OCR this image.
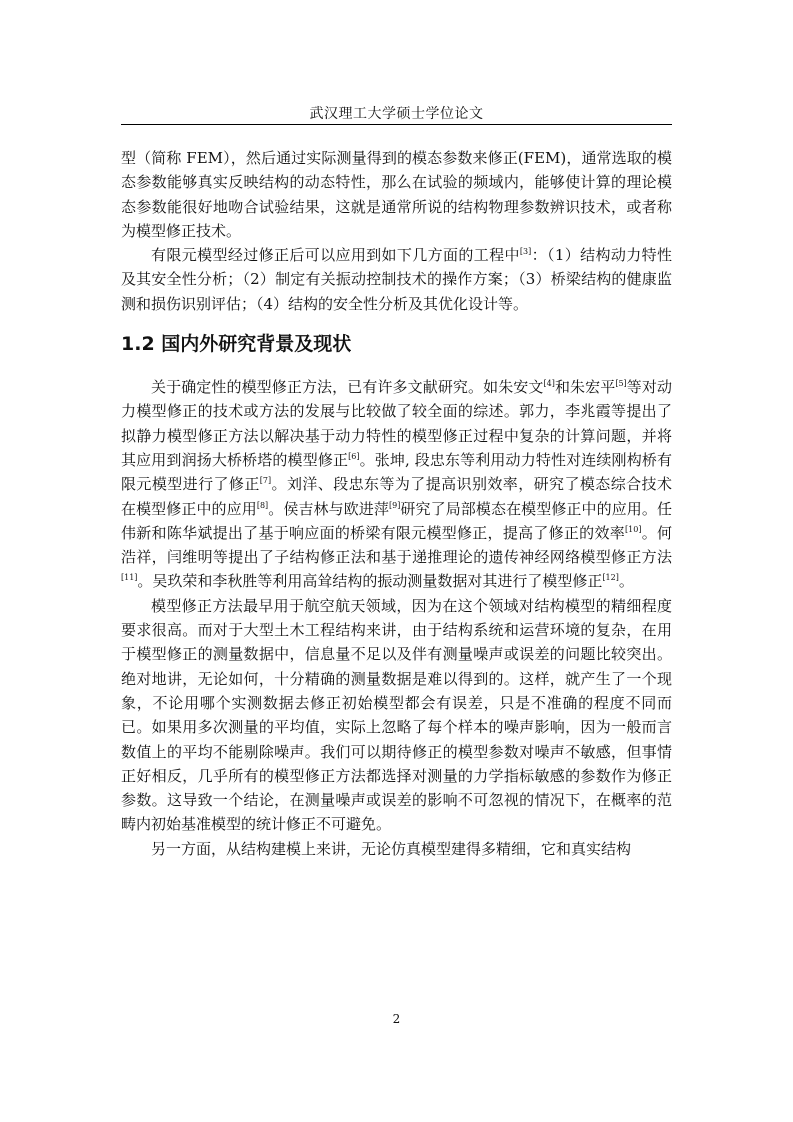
武汉理工大学硕士学位论文

型（简称 FEM），然后通过实际测量得到的模态参数来修正(FEM)，通常选取的模态参数能够真实反映结构的动态特性，那么在试验的频域内，能够使计算的理论模态参数能很好地吻合试验结果，这就是通常所说的结构物理参数辨识技术，或者称为模型修正技术。

有限元模型经过修正后可以应用到如下几方面的工程中[3]：（1）结构动力特性及其安全性分析；（2）制定有关振动控制技术的操作方案；（3）桥梁结构的健康监测和损伤识别评估；（4）结构的安全性分析及其优化设计等。

1.2 国内外研究背景及现状

关于确定性的模型修正方法，已有许多文献研究。如朱安文[4]和朱宏平[5]等对动力模型修正的技术或方法的发展与比较做了较全面的综述。郭力，李兆霞等提出了拟静力模型修正方法以解决基于动力特性的模型修正过程中复杂的计算问题，并将其应用到润扬大桥桥塔的模型修正[6]。张坤, 段忠东等利用动力特性对连续刚构桥有限元模型进行了修正[7]。刘洋、段忠东等为了提高识别效率，研究了模态综合技术在模型修正中的应用[8]。侯吉林与欧进萍[9]研究了局部模态在模型修正中的应用。任伟新和陈华斌提出了基于响应面的桥梁有限元模型修正，提高了修正的效率[10]。何浩祥，闫维明等提出了子结构修正法和基于递推理论的遗传神经网络模型修正方法[11]。吴玖荣和李秋胜等利用高耸结构的振动测量数据对其进行了模型修正[12]。

模型修正方法最早用于航空航天领域，因为在这个领域对结构模型的精细程度要求很高。而对于大型土木工程结构来讲，由于结构系统和运营环境的复杂，在用于模型修正的测量数据中，信息量不足以及伴有测量噪声或误差的问题比较突出。绝对地讲，无论如何，十分精确的测量数据是难以得到的。这样，就产生了一个现象，不论用哪个实测数据去修正初始模型都会有误差，只是不准确的程度不同而已。如果用多次测量的平均值，实际上忽略了每个样本的噪声影响，因为一般而言数值上的平均不能剔除噪声。我们可以期待修正的模型参数对噪声不敏感，但事情正好相反，几乎所有的模型修正方法都选择对测量的力学指标敏感的参数作为修正参数。这导致一个结论，在测量噪声或误差的影响不可忽视的情况下，在概率的范畴内初始基准模型的统计修正不可避免。

另一方面，从结构建模上来讲，无论仿真模型建得多精细，它和真实结构

2
